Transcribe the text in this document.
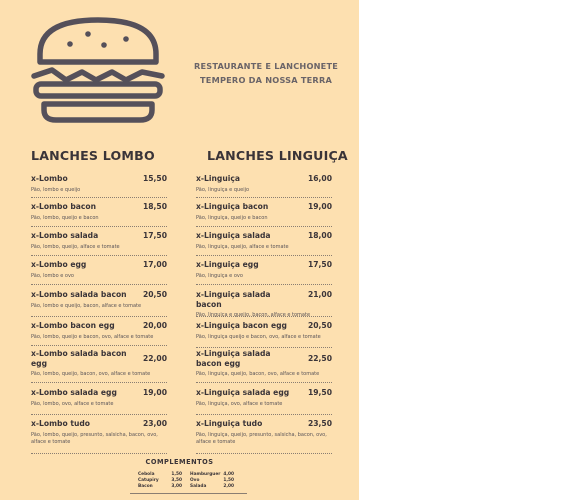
RESTAURANTE E LANCHONETE
TEMPERO DA NOSSA TERRA
LANCHES LOMBO	LANCHES LINGUIÇA
x-Lombo	15,50
Pão, lombo e queijo
x-Lombo bacon	18,50
Pão, lombo, queijo e bacon
x-Lombo salada	17,50
Pão, lombo, queijo, alface e tomate
x-Lombo egg	17,00
Pão, lombo e ovo
x-Lombo salada bacon	20,50
Pão, lombo e queijo, bacon, alface e tomate
x-Lombo bacon egg	20,00
Pão, lombo, queijo e bacon, ovo, alface e tomate
x-Lombo salada bacon egg	22,00
Pão, lombo, queijo, bacon, ovo, alface e tomate
x-Lombo salada egg	19,00
Pão, lombo, ovo, alface e tomate
x-Lombo tudo	23,00
Pão, lombo, queijo, presunto, salsicha, bacon, ovo, alface e tomate
x-Linguiça	16,00
Pão, linguiça e queijo
x-Linguiça bacon	19,00
Pão, linguiça, queijo e bacon
x-Linguiça salada	18,00
Pão, linguiça, queijo, alface e tomate
x-Linguiça egg	17,50
Pão, linguiça e ovo
x-Linguiça salada bacon
21,00
Pão, linguiça e queijo, bacon, alface e tomate
x-Linguiça bacon egg	20,50
Pão, linguiça queijo e bacon, ovo, alface e tomate
x-Linguiça salada bacon egg	22,50
Pão, linguiça, queijo, bacon, ovo, alface e tomate
x-Linguiça salada egg	19,50
Pão, linguiça, ovo, alface e tomate
x-Linguiça tudo	23,50
Pão, linguiça, queijo, presunto, salsicha, bacon, ovo, alface e tomate
COMPLEMENTOS
Cebola	1,50
Catupiry	3,50
Bacon	3,00
Hamburguer 4,00
Ovo	1,50
Salada	2,00
